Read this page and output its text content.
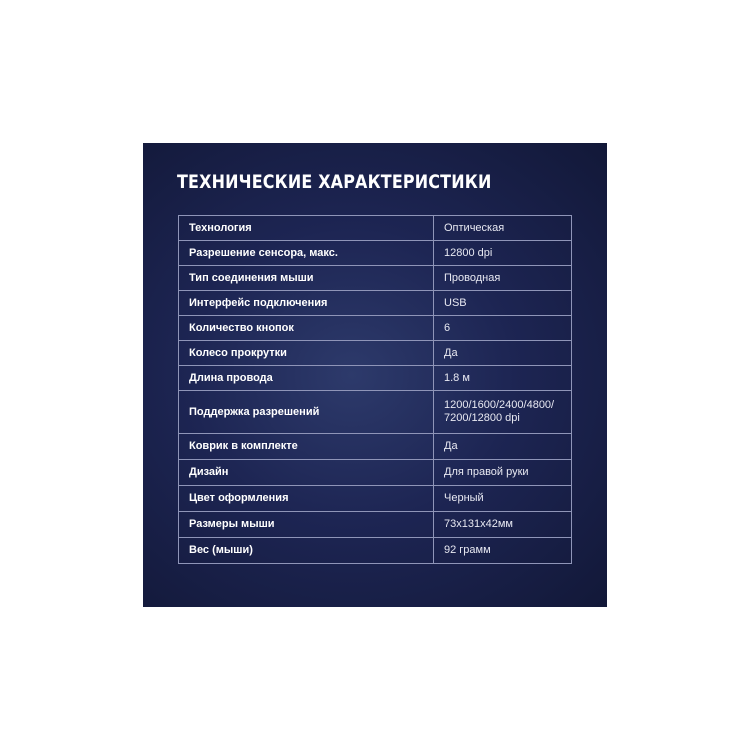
ТЕХНИЧЕСКИЕ ХАРАКТЕРИСТИКИ
Технология	Оптическая
Разрешение сенсора, макс.	12800 dpi
Тип соединения мыши	Проводная
Интерфейс подключения	USB
Количество кнопок	6
Колесо прокрутки	Да
Длина провода	1.8 м
Поддержка разрешений	1200/1600/2400/4800/
7200/12800 dpi
Коврик в комплекте	Да
Дизайн	Для правой руки
Цвет оформления	Черный
Размеры мыши	73х131х42мм
Вес (мыши)	92 грамм
